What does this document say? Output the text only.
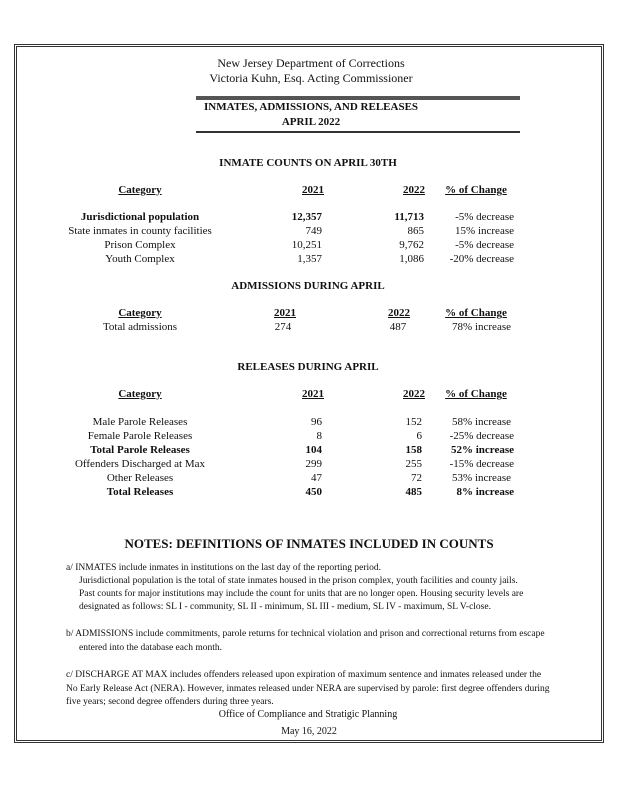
New Jersey Department of Corrections
Victoria Kuhn, Esq. Acting Commissioner
INMATES, ADMISSIONS, AND RELEASES
APRIL 2022
INMATE COUNTS ON APRIL 30TH
Category	2021	2022 % of Change
Jurisdictional population	12,357	11,713	-5% decrease
State inmates in county facilities	749	865	15% increase
Prison Complex	10,251	9,762	-5% decrease
Youth Complex	1,357	1,086 -20% decrease
ADMISSIONS DURING APRIL
Category	2021	2022	% of Change
Total admissions	274	487	78% increase
RELEASES DURING APRIL
Category	2021	2022 % of Change
Male Parole Releases	96	152	58% increase
Female Parole Releases	8	6	-25% decrease
Total Parole Releases	104	158	52% increase
Offenders Discharged at Max	299	255	-15% decrease
Other Releases	47	72	53% increase
Total Releases	450	485	8% increase
NOTES: DEFINITIONS OF INMATES INCLUDED IN COUNTS
a/ INMATES include inmates in institutions on the last day of the reporting period.
Jurisdictional population is the total of state inmates housed in the prison complex, youth facilities and county jails.
Past counts for major institutions may include the count for units that are no longer open. Housing security levels are
designated as follows: SL I - community, SL II - minimum, SL III - medium, SL IV - maximum, SL V-close.
b/ ADMISSIONS include commitments, parole returns for technical violation and prison and correctional returns from escape
entered into the database each month.
c/ DISCHARGE AT MAX includes offenders released upon expiration of maximum sentence and inmates released under the
No Early Release Act (NERA). However, inmates released under NERA are supervised by parole: first degree offenders during
five years; second degree offenders during three years.
Office of Compliance and Stratigic Planning
May 16, 2022
